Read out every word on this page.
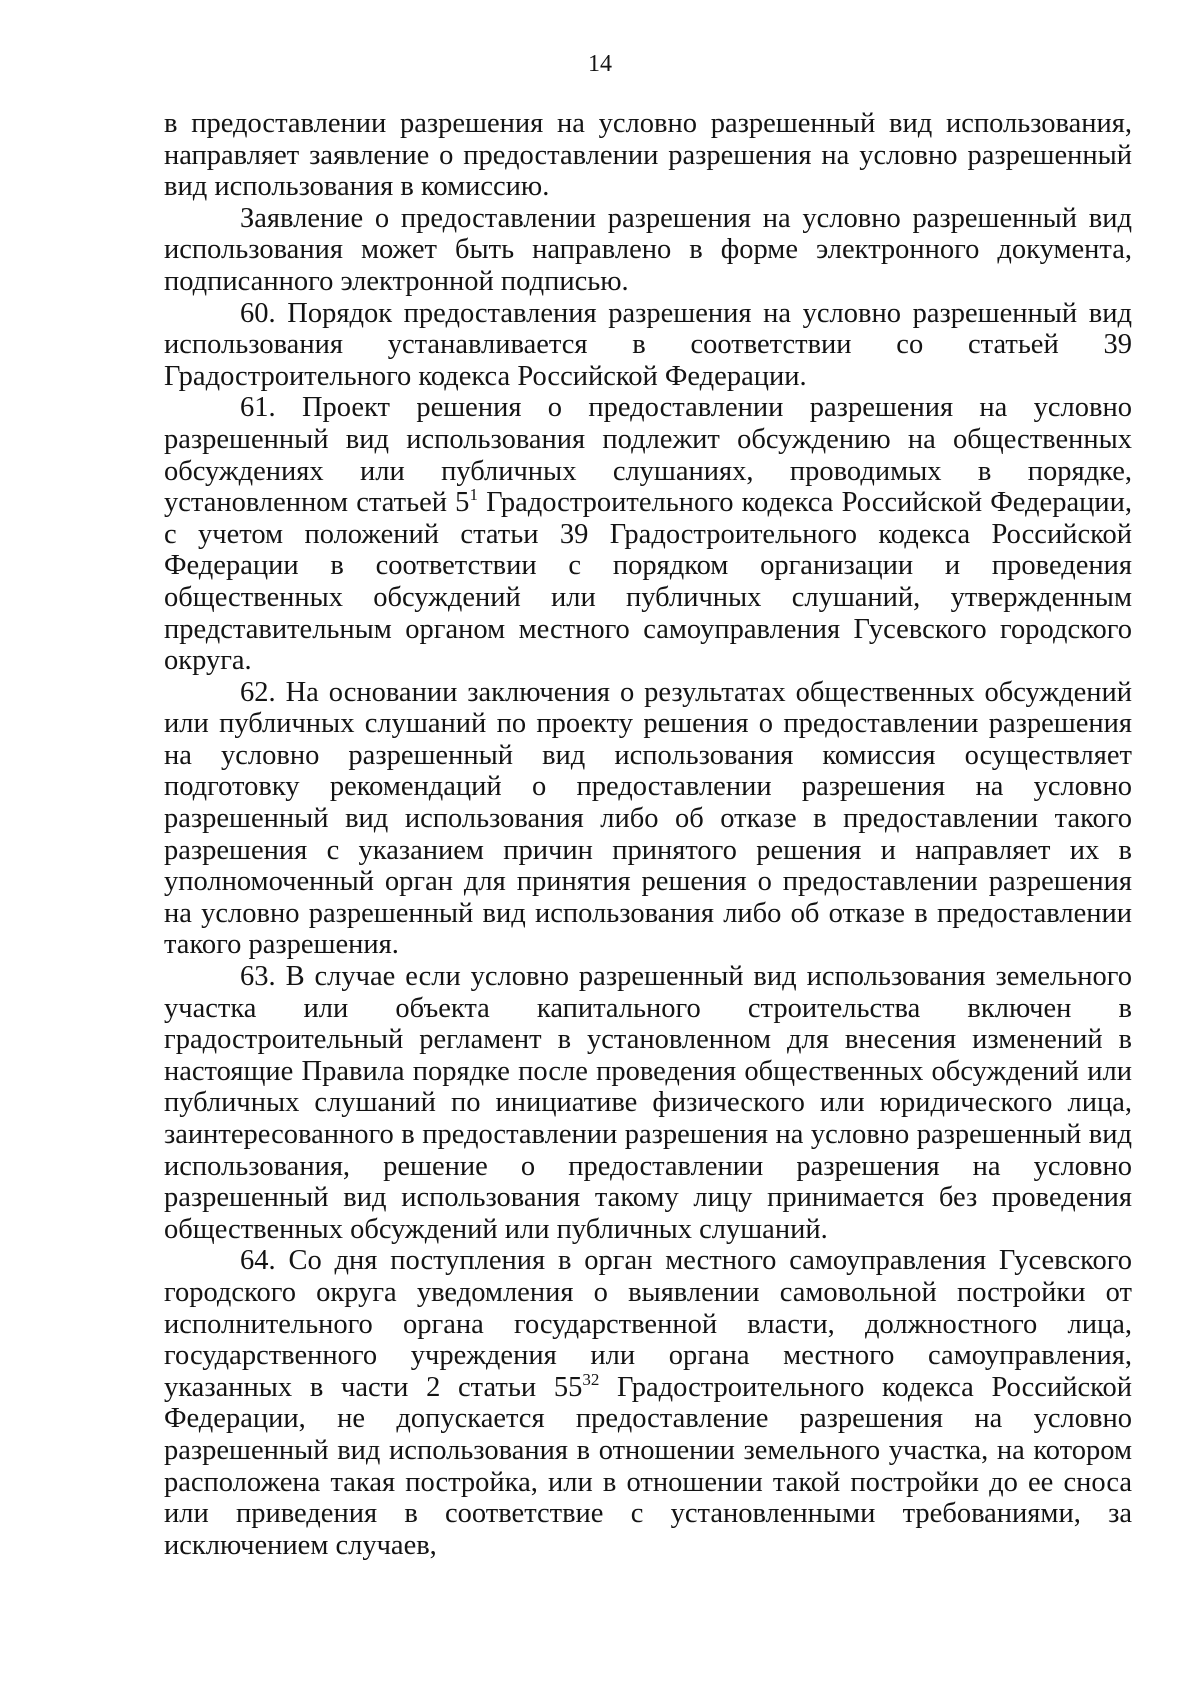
14

в предоставлении разрешения на условно разрешенный вид использования, направляет заявление о предоставлении разрешения на условно разрешенный вид использования в комиссию.

Заявление о предоставлении разрешения на условно разрешенный вид использования может быть направлено в форме электронного документа, подписанного электронной подписью.

60. Порядок предоставления разрешения на условно разрешенный вид использования устанавливается в соответствии со статьей 39 Градостроительного кодекса Российской Федерации.

61. Проект решения о предоставлении разрешения на условно разрешенный вид использования подлежит обсуждению на общественных обсуждениях или публичных слушаниях, проводимых в порядке, установленном статьей $5^1$ Градостроительного кодекса Российской Федерации, с учетом положений статьи 39 Градостроительного кодекса Российской Федерации в соответствии с порядком организации и проведения общественных обсуждений или публичных слушаний, утвержденным представительным органом местного самоуправления Гусевского городского округа.

62. На основании заключения о результатах общественных обсуждений или публичных слушаний по проекту решения о предоставлении разрешения на условно разрешенный вид использования комиссия осуществляет подготовку рекомендаций о предоставлении разрешения на условно разрешенный вид использования либо об отказе в предоставлении такого разрешения с указанием причин принятого решения и направляет их в уполномоченный орган для принятия решения о предоставлении разрешения на условно разрешенный вид использования либо об отказе в предоставлении такого разрешения.

63. В случае если условно разрешенный вид использования земельного участка или объекта капитального строительства включен в градостроительный регламент в установленном для внесения изменений в настоящие Правила порядке после проведения общественных обсуждений или публичных слушаний по инициативе физического или юридического лица, заинтересованного в предоставлении разрешения на условно разрешенный вид использования, решение о предоставлении разрешения на условно разрешенный вид использования такому лицу принимается без проведения общественных обсуждений или публичных слушаний.

64. Со дня поступления в орган местного самоуправления Гусевского городского округа уведомления о выявлении самовольной постройки от исполнительного органа государственной власти, должностного лица, государственного учреждения или органа местного самоуправления, указанных в части 2 статьи $55^{32}$ Градостроительного кодекса Российской Федерации, не допускается предоставление разрешения на условно разрешенный вид использования в отношении земельного участка, на котором расположена такая постройка, или в отношении такой постройки до ее сноса или приведения в соответствие с установленными требованиями, за исключением случаев,
